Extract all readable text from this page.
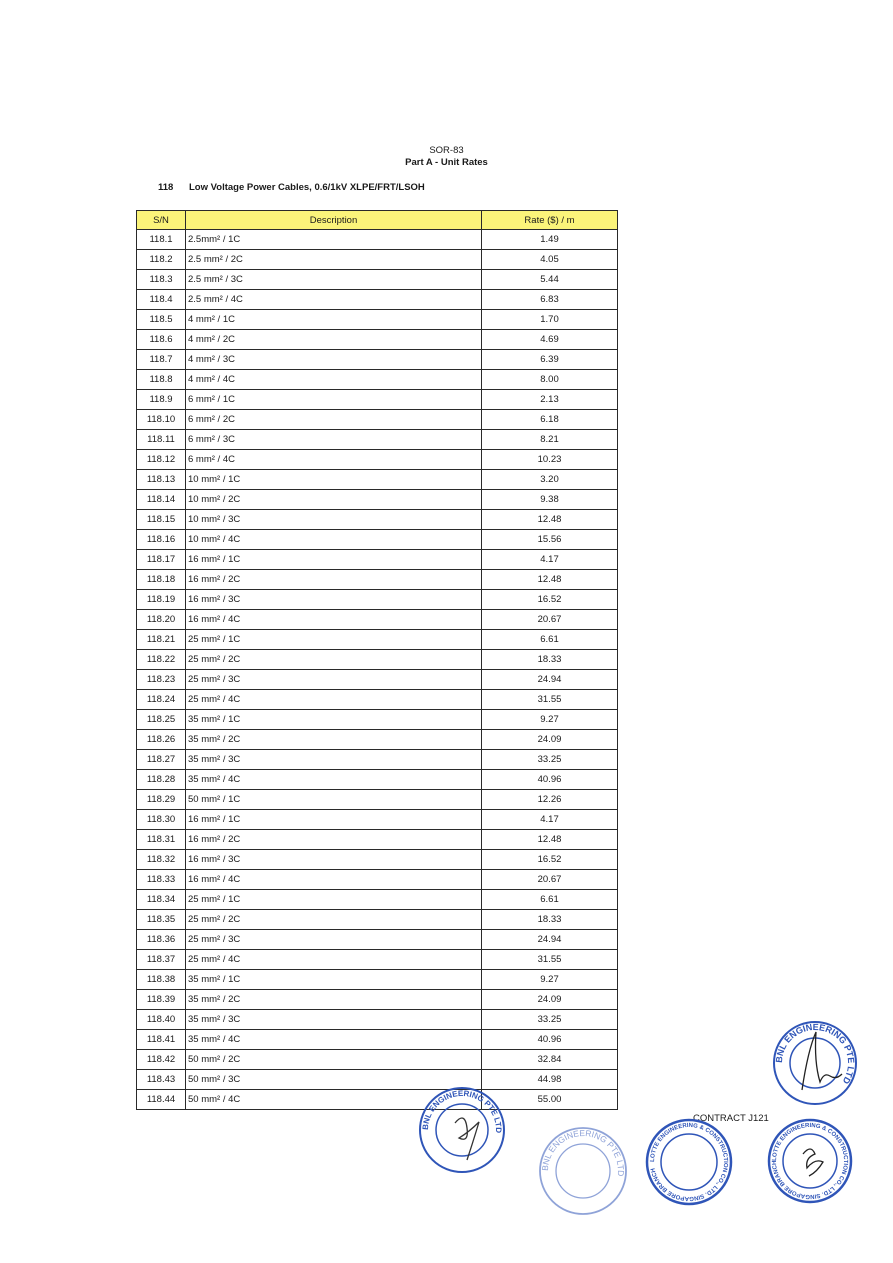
SOR-83
Part A - Unit Rates
118 Low Voltage Power Cables, 0.6/1kV XLPE/FRT/LSOH
S/N	Description	Rate ($) / m
118.1	2.5mm² / 1C	1.49
118.2	2.5 mm² / 2C	4.05
118.3	2.5 mm² / 3C	5.44
118.4	2.5 mm² / 4C	6.83
118.5	4 mm² / 1C	1.70
118.6	4 mm² / 2C	4.69
118.7	4 mm² / 3C	6.39
118.8	4 mm² / 4C	8.00
118.9	6 mm² / 1C	2.13
118.10	6 mm² / 2C	6.18
118.11	6 mm² / 3C	8.21
118.12	6 mm² / 4C	10.23
118.13	10 mm² / 1C	3.20
118.14	10 mm² / 2C	9.38
118.15	10 mm² / 3C	12.48
118.16	10 mm² / 4C	15.56
118.17	16 mm² / 1C	4.17
118.18	16 mm² / 2C	12.48
118.19	16 mm² / 3C	16.52
118.20	16 mm² / 4C	20.67
118.21	25 mm² / 1C	6.61
118.22	25 mm² / 2C	18.33
118.23	25 mm² / 3C	24.94
118.24	25 mm² / 4C	31.55
118.25	35 mm² / 1C	9.27
118.26	35 mm² / 2C	24.09
118.27	35 mm² / 3C	33.25
118.28	35 mm² / 4C	40.96
118.29	50 mm² / 1C	12.26
118.30	16 mm² / 1C	4.17
118.31	16 mm² / 2C	12.48
118.32	16 mm² / 3C	16.52
118.33	16 mm² / 4C	20.67
118.34	25 mm² / 1C	6.61
118.35	25 mm² / 2C	18.33
118.36	25 mm² / 3C	24.94
118.37	25 mm² / 4C	31.55
118.38	35 mm² / 1C	9.27
118.39	35 mm² / 2C	24.09
118.40	35 mm² / 3C	33.25
118.41	35 mm² / 4C	40.96
118.42	50 mm² / 2C	32.84
118.43	50 mm² / 3C	44.98
118.44	50 mm² / 4C	55.00
CONTRACT J121
BNL ENGINEERING PTE LTD
BNL ENGINEERING PTE LTD
LOTTE ENGINEERING & CONSTRUCTION CO., LTD. SINGAPORE BRANCH
LOTTE ENGINEERING & CONSTRUCTION CO., LTD. SINGAPORE BRANCH
BNL ENGINEERING PTE LTD
